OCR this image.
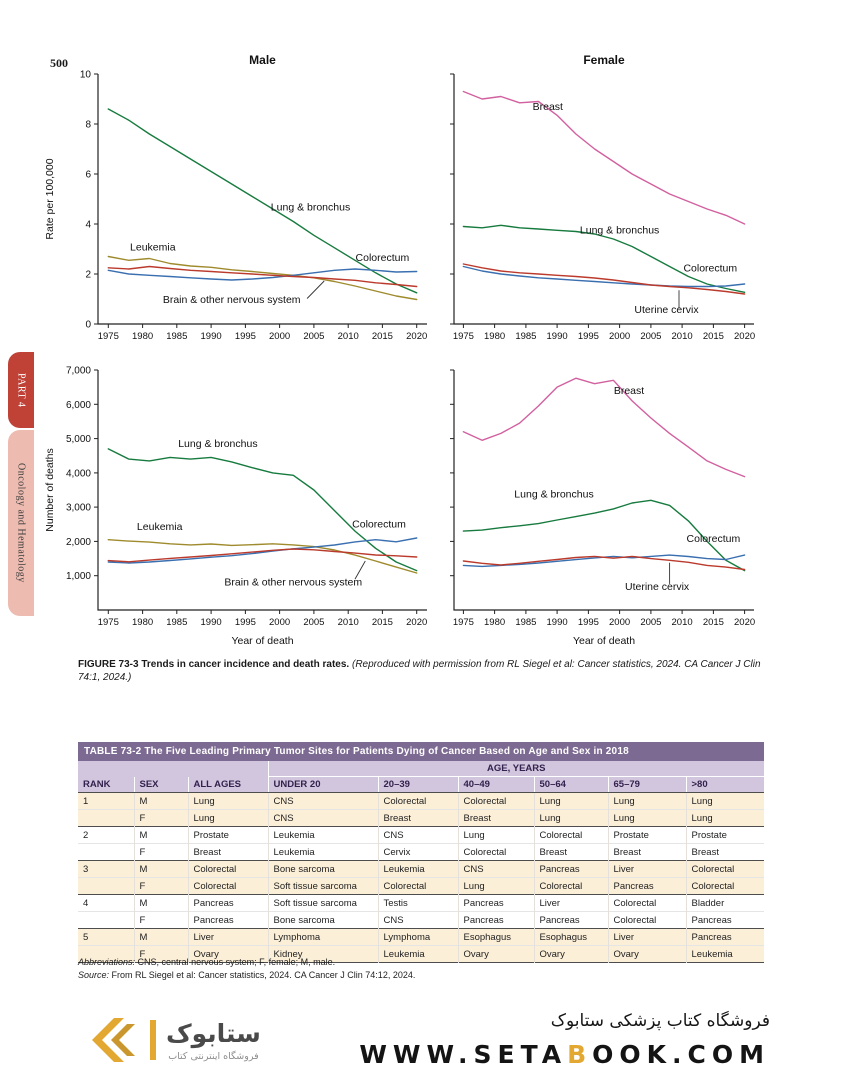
500
PART 4
Oncology and Hematology
0
2
4
6
8
10
1975 1980 1985 1990 1995 2000 2005 2010 2015 2020
Lung & bronchus
Leukemia
Colorectum
Brain & other nervous system
Male
Rate per 100,000
1975 1980 1985 1990 1995 2000 2005 2010 2015 2020
Breast
Lung & bronchus
Colorectum
Uterine cervix
Female
1,000
2,000
3,000
4,000
5,000
6,000
7,000
1975 1980 1985 1990 1995 2000 2005 2010 2015 2020
Lung & bronchus
Leukemia	Colorectum
Brain & other nervous system
Number of deaths
Year of death
1975 1980 1985 1990 1995 2000 2005 2010 2015 2020
Breast
Lung & bronchus
Colorectum
Uterine cervix
Year of death
FIGURE 73-3 Trends in cancer incidence and death rates. (Reproduced with permission from RL Siegel et al: Cancer statistics, 2024. CA Cancer J Clin 74:1, 2024.)
TABLE 73-2 The Five Leading Primary Tumor Sites for Patients Dying of Cancer Based on Age and Sex in 2018
			AGE, YEARS					
RANK	SEX	ALL AGES	UNDER 20	20–39	40–49	50–64	65–79	>80
1	M	Lung	CNS	Colorectal	Colorectal	Lung	Lung	Lung
	F	Lung	CNS	Breast	Breast	Lung	Lung	Lung
2	M	Prostate	Leukemia	CNS	Lung	Colorectal	Prostate	Prostate
	F	Breast	Leukemia	Cervix	Colorectal	Breast	Breast	Breast
3	M	Colorectal	Bone sarcoma	Leukemia	CNS	Pancreas	Liver	Colorectal
	F	Colorectal	Soft tissue sarcoma	Colorectal	Lung	Colorectal	Pancreas	Colorectal
4	M	Pancreas	Soft tissue sarcoma	Testis	Pancreas	Liver	Colorectal	Bladder
	F	Pancreas	Bone sarcoma	CNS	Pancreas	Pancreas	Colorectal	Pancreas
5	M	Liver	Lymphoma	Lymphoma	Esophagus	Esophagus	Liver	Pancreas
	F	Ovary	Kidney	Leukemia	Ovary	Ovary	Ovary	Leukemia
Abbreviations: CNS, central nervous system; F, female; M, male.
Source: From RL Siegel et al: Cancer statistics, 2024. CA Cancer J Clin 74:12, 2024.
ستابوک
فروشگاه اینترنتی کتاب
فروشگاه کتاب پزشکی ستابوک
WWW.SETABOOK.COM
